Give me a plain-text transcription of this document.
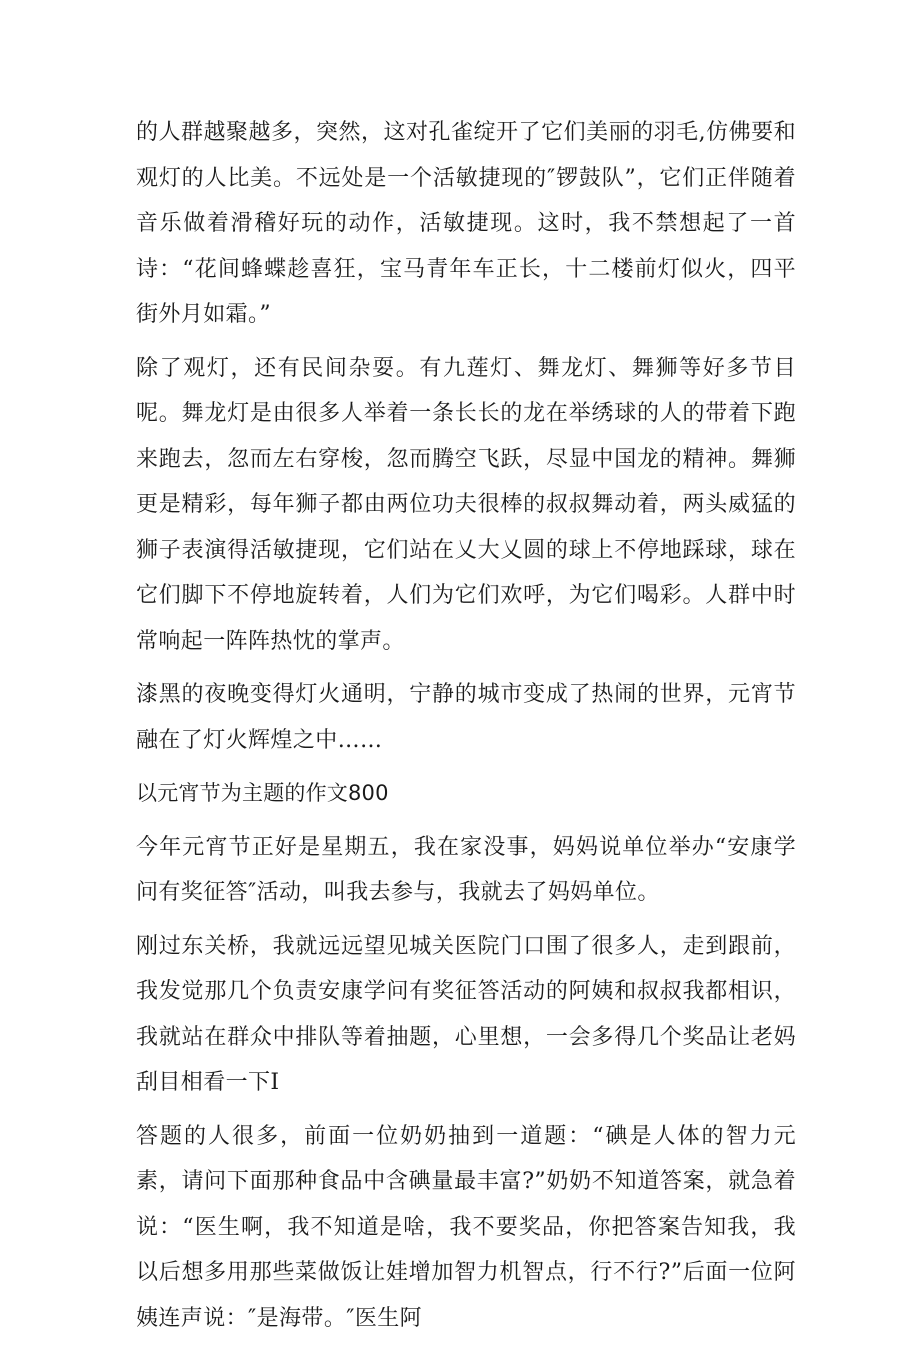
的人群越聚越多，突然，这对孔雀绽开了它们美丽的羽毛,仿佛要和观灯的人比美。不远处是一个活敏捷现的″锣鼓队”，它们正伴随着音乐做着滑稽好玩的动作，活敏捷现。这时，我不禁想起了一首诗：“花间蜂蝶趁喜狂，宝马青年车正长，十二楼前灯似火，四平街外月如霜。”

除了观灯，还有民间杂耍。有九莲灯、舞龙灯、舞狮等好多节目呢。舞龙灯是由很多人举着一条长长的龙在举绣球的人的带着下跑来跑去，忽而左右穿梭，忽而腾空飞跃，尽显中国龙的精神。舞狮更是精彩，每年狮子都由两位功夫很棒的叔叔舞动着，两头威猛的狮子表演得活敏捷现，它们站在乂大乂圆的球上不停地踩球，球在它们脚下不停地旋转着，人们为它们欢呼，为它们喝彩。人群中时常响起一阵阵热忱的掌声。

漆黑的夜晚变得灯火通明，宁静的城市变成了热闹的世界，元宵节融在了灯火辉煌之中……

以元宵节为主题的作文800

今年元宵节正好是星期五，我在家没事，妈妈说单位举办“安康学问有奖征答″活动，叫我去参与，我就去了妈妈单位。

刚过东关桥，我就远远望见城关医院门口围了很多人，走到跟前，我发觉那几个负责安康学问有奖征答活动的阿姨和叔叔我都相识，我就站在群众中排队等着抽题，心里想，一会多得几个奖品让老妈刮目相看一下I

答题的人很多，前面一位奶奶抽到一道题：“碘是人体的智力元素，请问下面那种食品中含碘量最丰富?”奶奶不知道答案，就急着说：“医生啊，我不知道是啥，我不要奖品，你把答案告知我，我以后想多用那些菜做饭让娃增加智力机智点，行不行?”后面一位阿姨连声说：″是海带。″医生阿
